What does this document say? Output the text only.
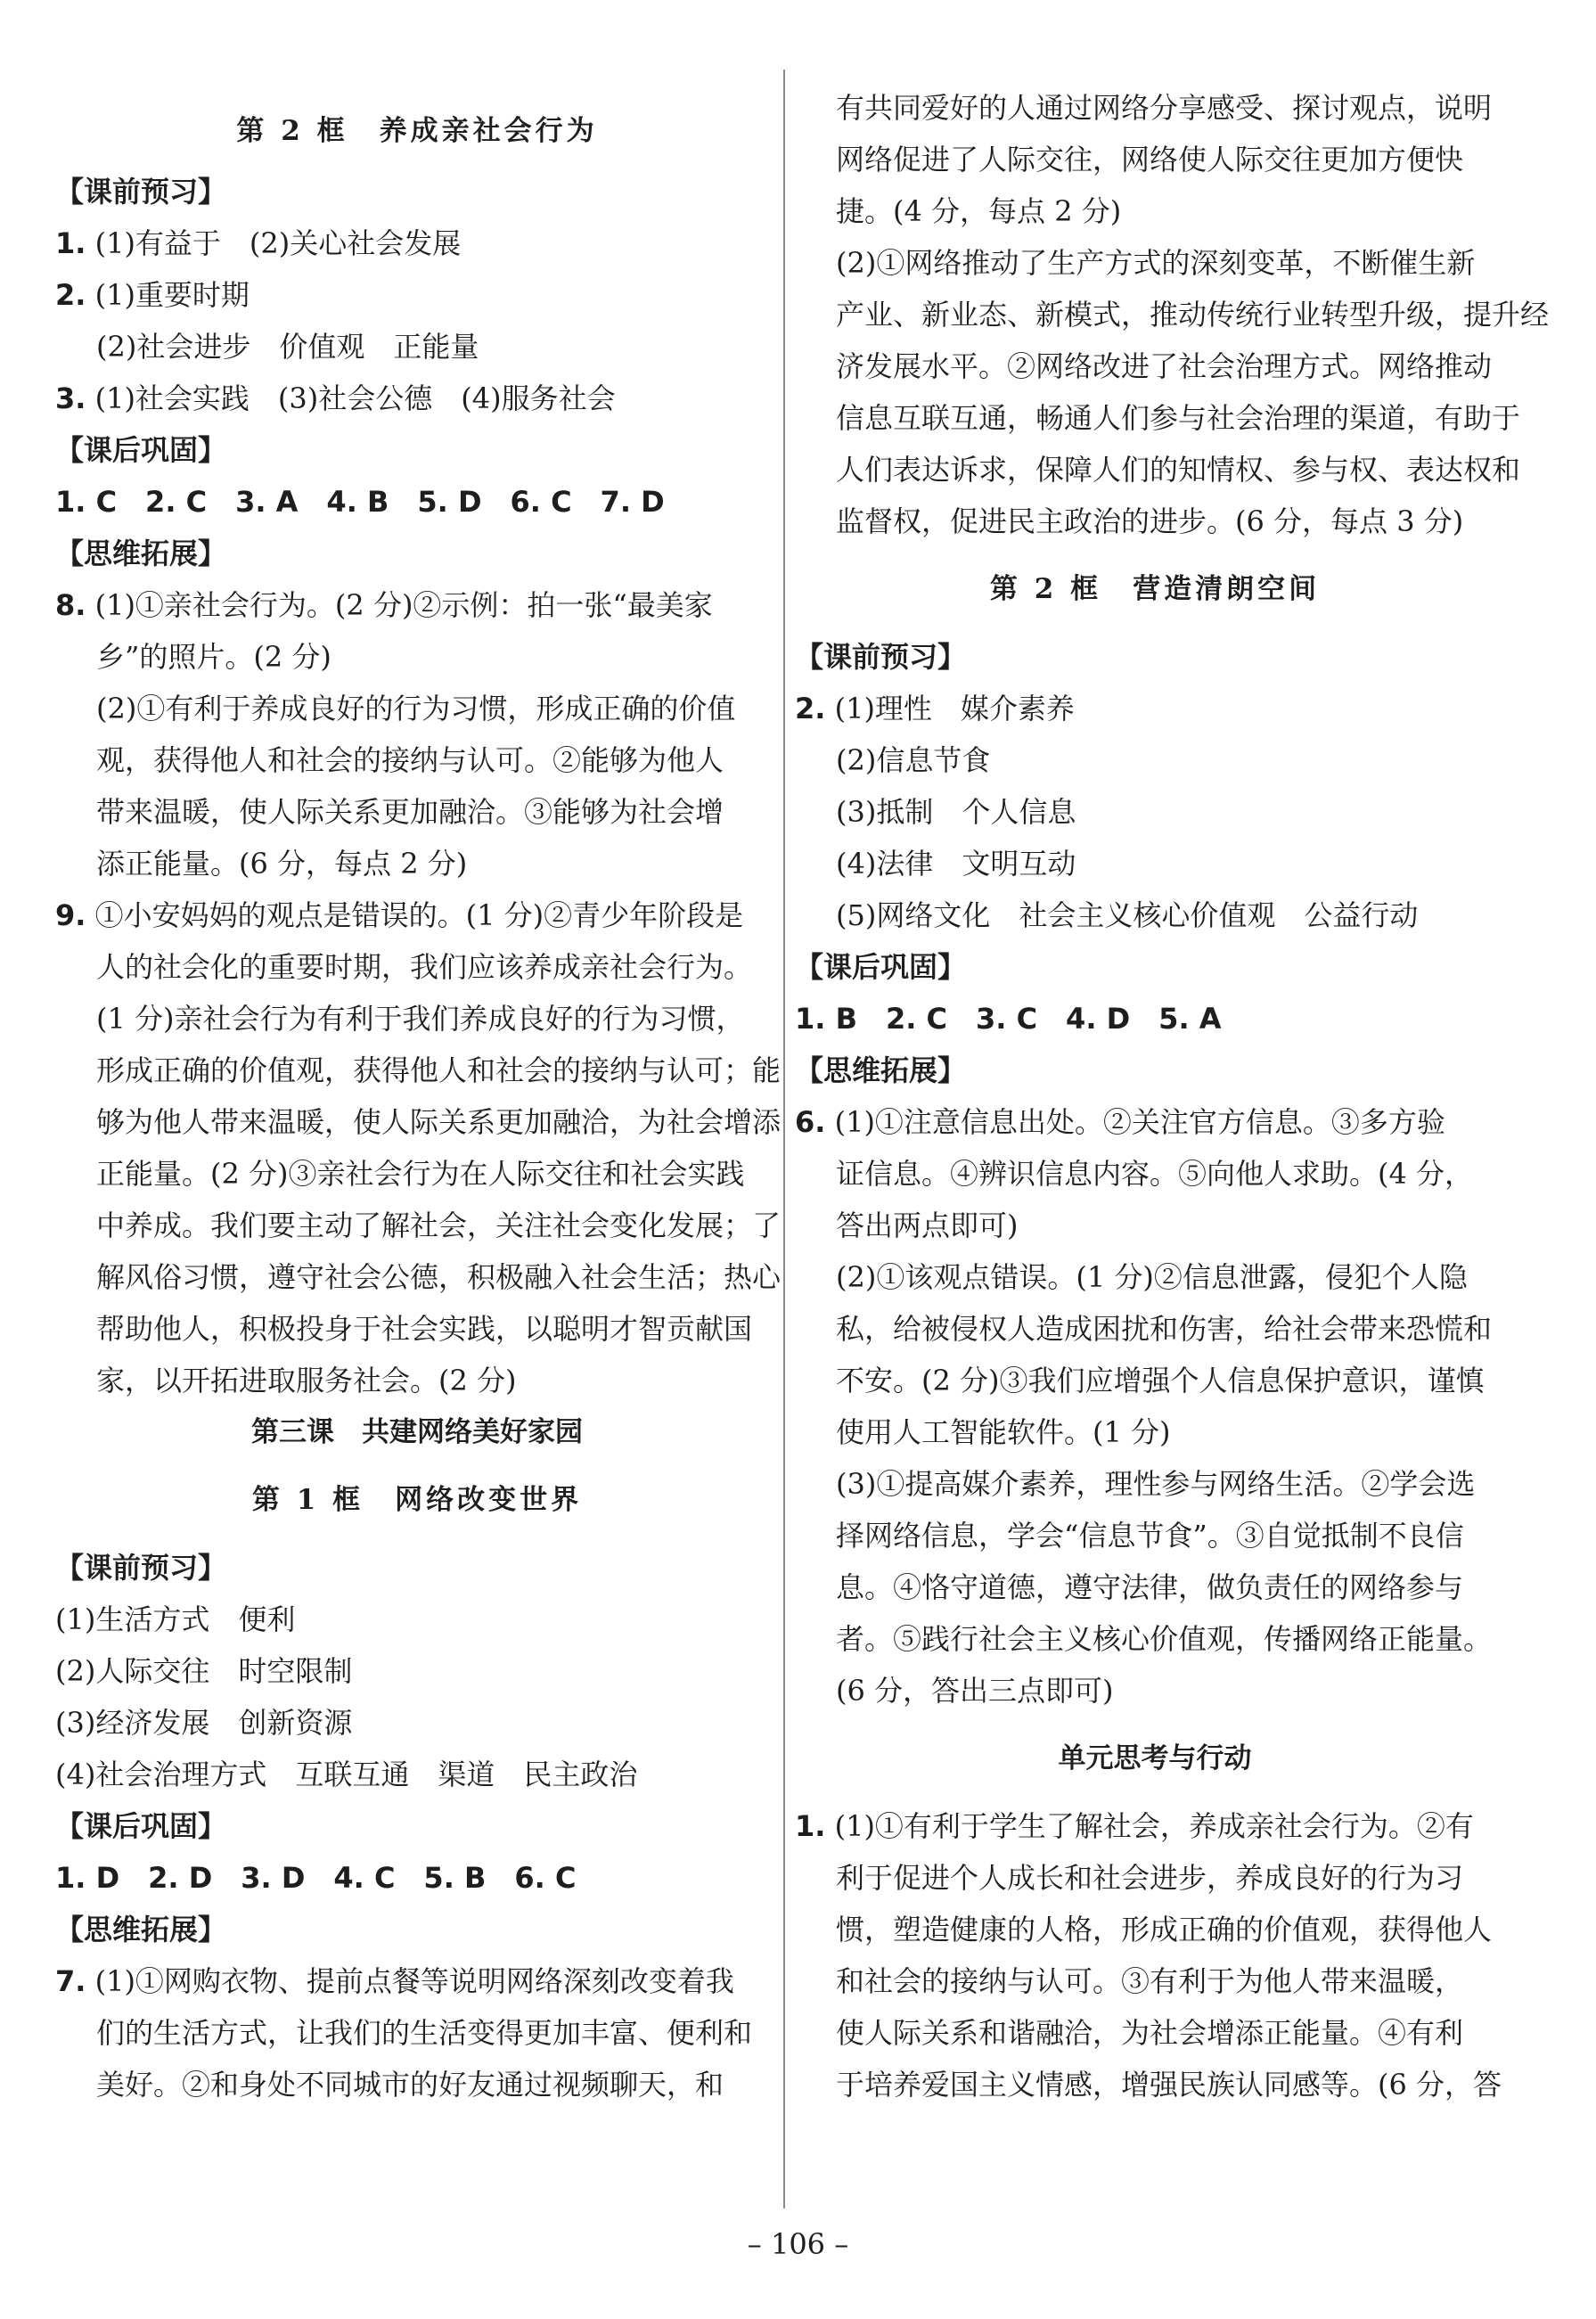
第 2 框　养成亲社会行为
【课前预习】
1. (1)有益于　(2)关心社会发展
2. (1)重要时期
(2)社会进步　价值观　正能量
3. (1)社会实践　(3)社会公德　(4)服务社会
【课后巩固】
1. C　2. C　3. A　4. B　5. D　6. C　7. D
【思维拓展】
8. (1)①亲社会行为。(2 分)②示例：拍一张“最美家
乡”的照片。(2 分)
(2)①有利于养成良好的行为习惯，形成正确的价值
观，获得他人和社会的接纳与认可。②能够为他人
带来温暖，使人际关系更加融洽。③能够为社会增
添正能量。(6 分，每点 2 分)
9. ①小安妈妈的观点是错误的。(1 分)②青少年阶段是
人的社会化的重要时期，我们应该养成亲社会行为。
(1 分)亲社会行为有利于我们养成良好的行为习惯，
形成正确的价值观，获得他人和社会的接纳与认可；能
够为他人带来温暖，使人际关系更加融洽，为社会增添
正能量。(2 分)③亲社会行为在人际交往和社会实践
中养成。我们要主动了解社会，关注社会变化发展；了
解风俗习惯，遵守社会公德，积极融入社会生活；热心
帮助他人，积极投身于社会实践，以聪明才智贡献国
家，以开拓进取服务社会。(2 分)
第三课　共建网络美好家园
第 1 框　网络改变世界
【课前预习】
(1)生活方式　便利
(2)人际交往　时空限制
(3)经济发展　创新资源
(4)社会治理方式　互联互通　渠道　民主政治
【课后巩固】
1. D　2. D　3. D　4. C　5. B　6. C
【思维拓展】
7. (1)①网购衣物、提前点餐等说明网络深刻改变着我
们的生活方式，让我们的生活变得更加丰富、便利和
美好。②和身处不同城市的好友通过视频聊天，和
有共同爱好的人通过网络分享感受、探讨观点，说明
网络促进了人际交往，网络使人际交往更加方便快
捷。(4 分，每点 2 分)
(2)①网络推动了生产方式的深刻变革，不断催生新
产业、新业态、新模式，推动传统行业转型升级，提升经
济发展水平。②网络改进了社会治理方式。网络推动
信息互联互通，畅通人们参与社会治理的渠道，有助于
人们表达诉求，保障人们的知情权、参与权、表达权和
监督权，促进民主政治的进步。(6 分，每点 3 分)
第 2 框　营造清朗空间
【课前预习】
2. (1)理性　媒介素养
(2)信息节食
(3)抵制　个人信息
(4)法律　文明互动
(5)网络文化　社会主义核心价值观　公益行动
【课后巩固】
1. B　2. C　3. C　4. D　5. A
【思维拓展】
6. (1)①注意信息出处。②关注官方信息。③多方验
证信息。④辨识信息内容。⑤向他人求助。(4 分，
答出两点即可)
(2)①该观点错误。(1 分)②信息泄露，侵犯个人隐
私，给被侵权人造成困扰和伤害，给社会带来恐慌和
不安。(2 分)③我们应增强个人信息保护意识，谨慎
使用人工智能软件。(1 分)
(3)①提高媒介素养，理性参与网络生活。②学会选
择网络信息，学会“信息节食”。③自觉抵制不良信
息。④恪守道德，遵守法律，做负责任的网络参与
者。⑤践行社会主义核心价值观，传播网络正能量。
(6 分，答出三点即可)
单元思考与行动
1. (1)①有利于学生了解社会，养成亲社会行为。②有
利于促进个人成长和社会进步，养成良好的行为习
惯，塑造健康的人格，形成正确的价值观，获得他人
和社会的接纳与认可。③有利于为他人带来温暖，
使人际关系和谐融洽，为社会增添正能量。④有利
于培养爱国主义情感，增强民族认同感等。(6 分，答
– 106 –
